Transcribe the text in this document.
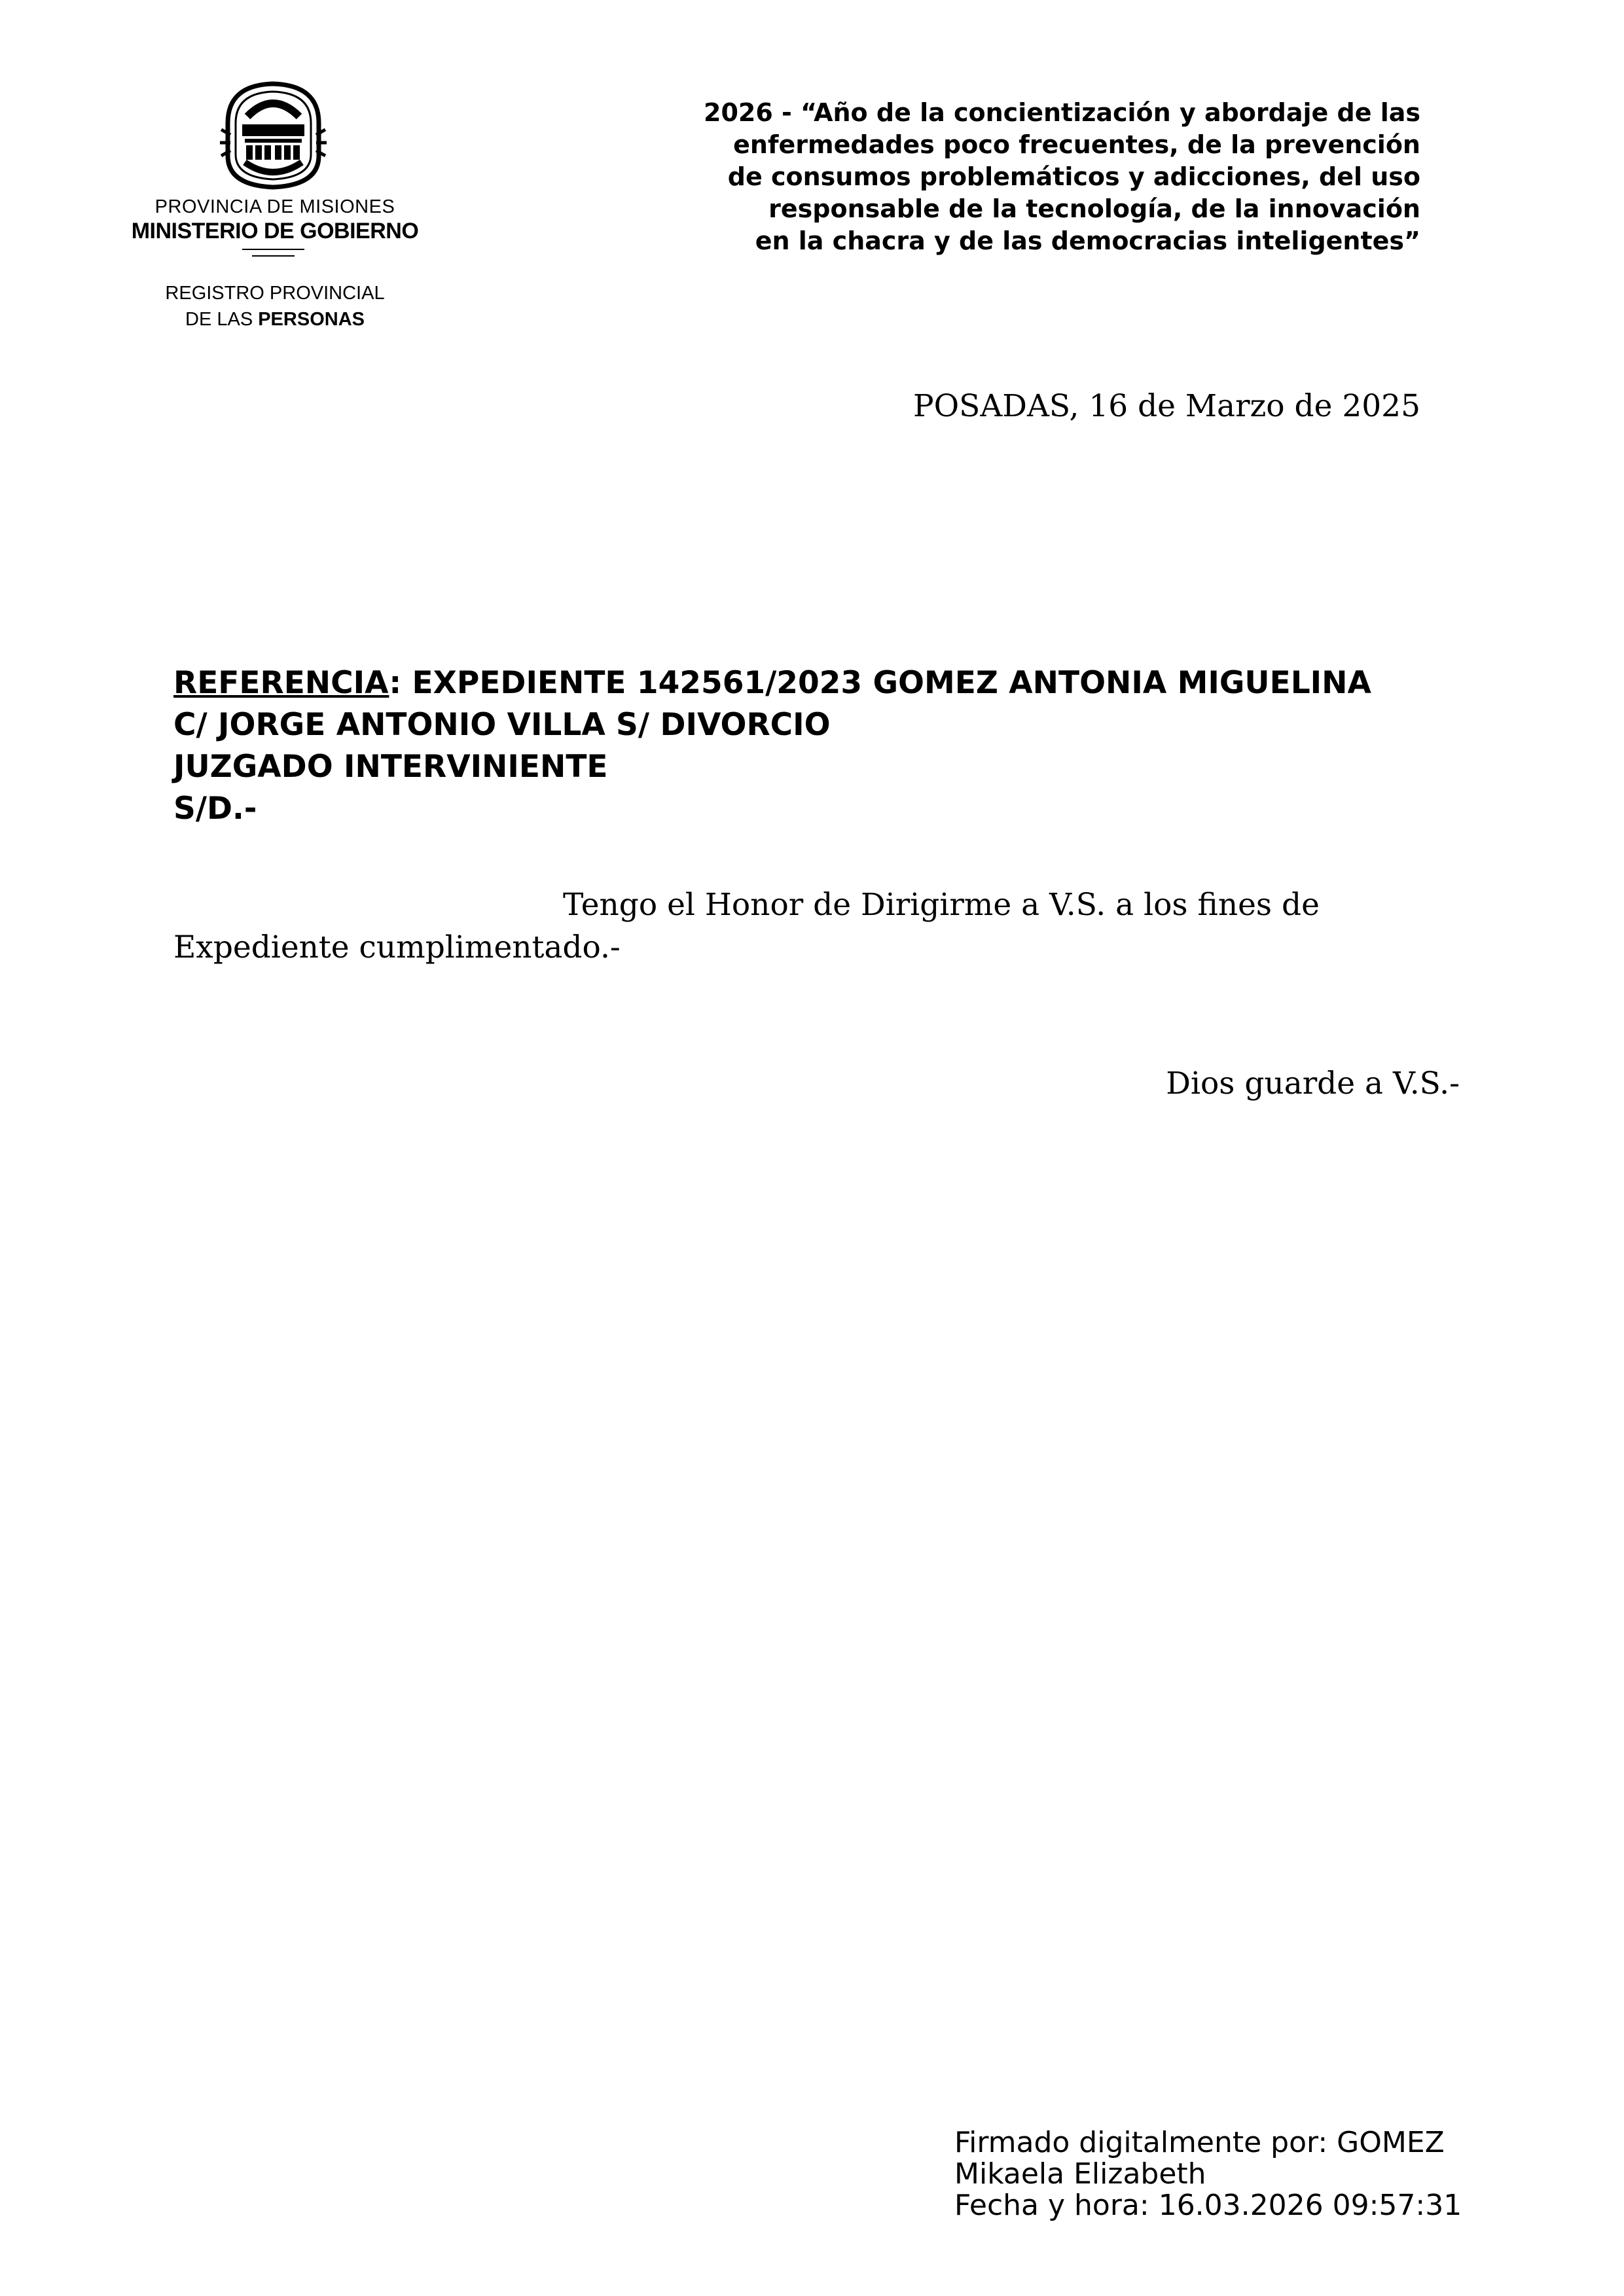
PROVINCIA DE MISIONES
MINISTERIO DE GOBIERNO
REGISTRO PROVINCIAL
DE LAS PERSONAS
2026 - “Año de la concientización y abordaje de las
enfermedades poco frecuentes, de la prevención
de consumos problemáticos y adicciones, del uso
responsable de la tecnología, de la innovación
en la chacra y de las democracias inteligentes”
POSADAS, 16 de Marzo de 2025
REFERENCIA: EXPEDIENTE 142561/2023 GOMEZ ANTONIA MIGUELINA
C/ JORGE ANTONIO VILLA S/ DIVORCIO
JUZGADO INTERVINIENTE
S/D.-
Tengo el Honor de Dirigirme a V.S. a los fines de
Expediente cumplimentado.-
Dios guarde a V.S.-
Firmado digitalmente por: GOMEZ
Mikaela Elizabeth
Fecha y hora: 16.03.2026 09:57:31
